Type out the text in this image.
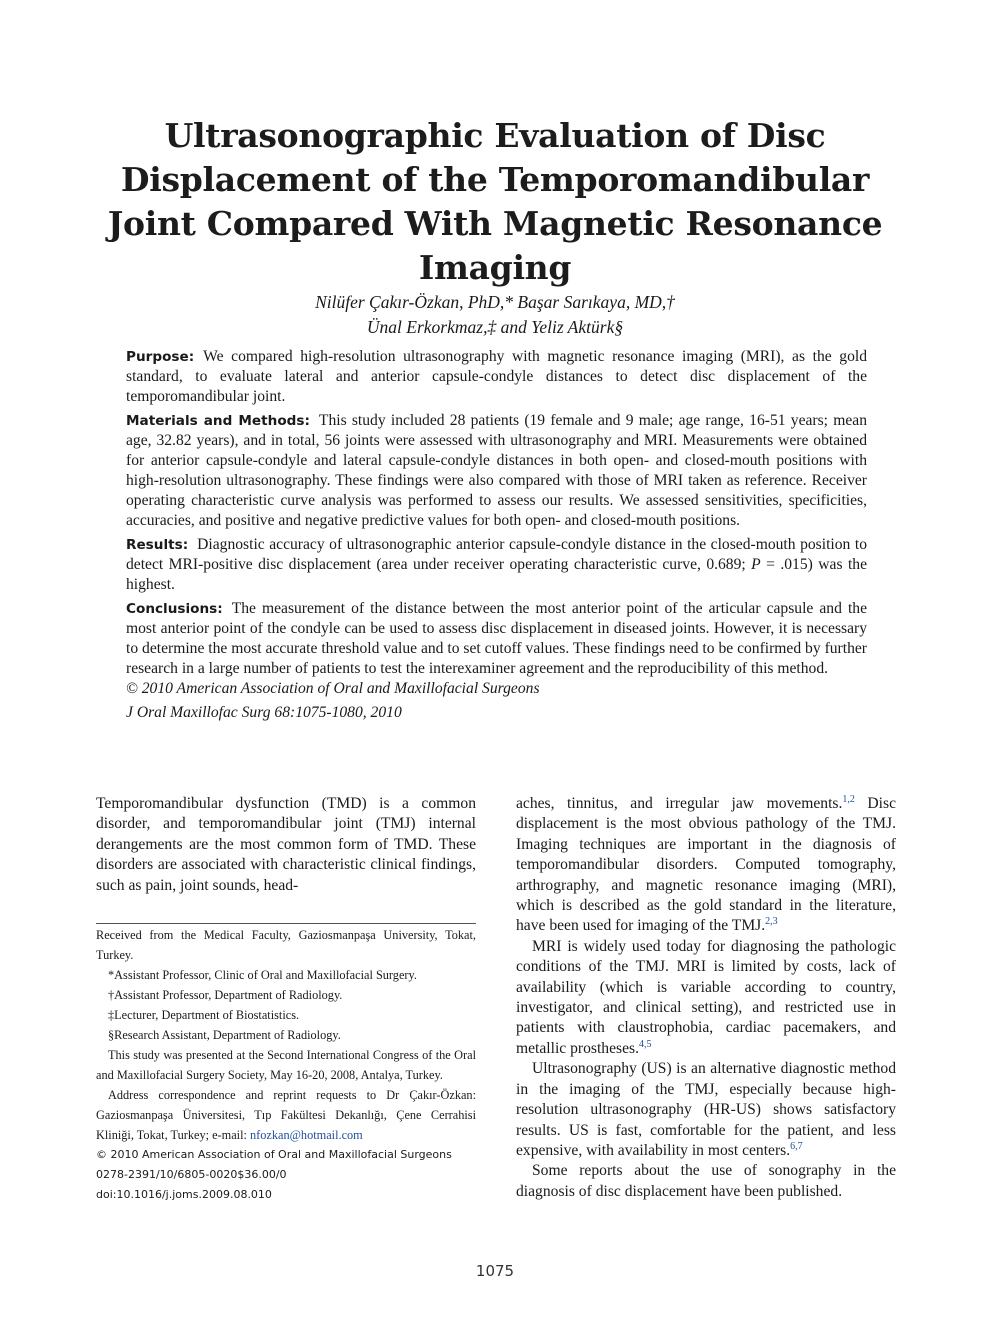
Ultrasonographic Evaluation of Disc Displacement of the Temporomandibular Joint Compared With Magnetic Resonance Imaging
Nilüfer Çakır-Özkan, PhD,* Başar Sarıkaya, MD,†
Ünal Erkorkmaz,‡ and Yeliz Aktürk§

Purpose: We compared high-resolution ultrasonography with magnetic resonance imaging (MRI), as the gold standard, to evaluate lateral and anterior capsule-condyle distances to detect disc displacement of the temporomandibular joint.

Materials and Methods: This study included 28 patients (19 female and 9 male; age range, 16-51 years; mean age, 32.82 years), and in total, 56 joints were assessed with ultrasonography and MRI. Measurements were obtained for anterior capsule-condyle and lateral capsule-condyle distances in both open- and closed-mouth positions with high-resolution ultrasonography. These findings were also compared with those of MRI taken as reference. Receiver operating characteristic curve analysis was performed to assess our results. We assessed sensitivities, specificities, accuracies, and positive and negative predictive values for both open- and closed-mouth positions.

Results: Diagnostic accuracy of ultrasonographic anterior capsule-condyle distance in the closed-mouth position to detect MRI-positive disc displacement (area under receiver operating characteristic curve, 0.689; P = .015) was the highest.

Conclusions: The measurement of the distance between the most anterior point of the articular capsule and the most anterior point of the condyle can be used to assess disc displacement in diseased joints. However, it is necessary to determine the most accurate threshold value and to set cutoff values. These findings need to be confirmed by further research in a large number of patients to test the interexaminer agreement and the reproducibility of this method.

© 2010 American Association of Oral and Maxillofacial Surgeons

J Oral Maxillofac Surg 68:1075-1080, 2010

Temporomandibular dysfunction (TMD) is a common disorder, and temporomandibular joint (TMJ) internal derangements are the most common form of TMD. These disorders are associated with characteristic clinical findings, such as pain, joint sounds, head-

Received from the Medical Faculty, Gaziosmanpaşa University, Tokat, Turkey.

*Assistant Professor, Clinic of Oral and Maxillofacial Surgery.

†Assistant Professor, Department of Radiology.

‡Lecturer, Department of Biostatistics.

§Research Assistant, Department of Radiology.

This study was presented at the Second International Congress of the Oral and Maxillofacial Surgery Society, May 16-20, 2008, Antalya, Turkey.

Address correspondence and reprint requests to Dr Çakır-Özkan: Gaziosmanpaşa Üniversitesi, Tıp Fakültesi Dekanlığı, Çene Cerrahisi Kliniği, Tokat, Turkey; e-mail: nfozkan@hotmail.com

© 2010 American Association of Oral and Maxillofacial Surgeons

0278-2391/10/6805-0020$36.00/0

doi:10.1016/j.joms.2009.08.010

aches, tinnitus, and irregular jaw movements.$^{1,2}$ Disc displacement is the most obvious pathology of the TMJ. Imaging techniques are important in the diagnosis of temporomandibular disorders. Computed tomography, arthrography, and magnetic resonance imaging (MRI), which is described as the gold standard in the literature, have been used for imaging of the TMJ.$^{2,3}$

MRI is widely used today for diagnosing the pathologic conditions of the TMJ. MRI is limited by costs, lack of availability (which is variable according to country, investigator, and clinical setting), and restricted use in patients with claustrophobia, cardiac pacemakers, and metallic prostheses.$^{4,5}$

Ultrasonography (US) is an alternative diagnostic method in the imaging of the TMJ, especially because high-resolution ultrasonography (HR-US) shows satisfactory results. US is fast, comfortable for the patient, and less expensive, with availability in most centers.$^{6,7}$

Some reports about the use of sonography in the diagnosis of disc displacement have been published.

1075
